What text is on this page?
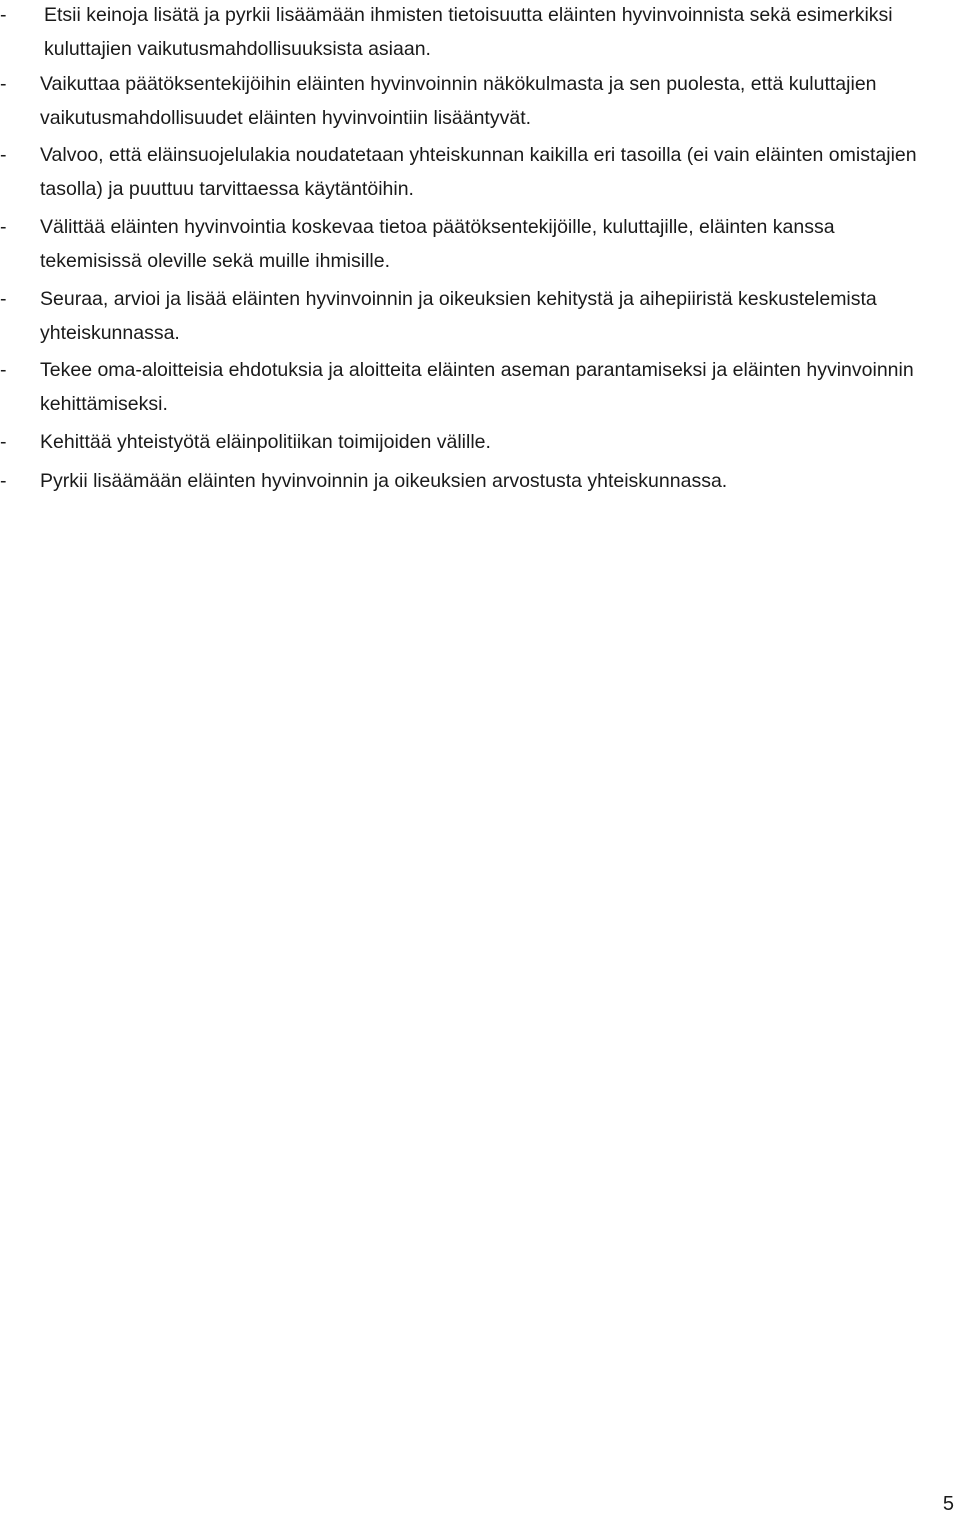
-	Etsii keinoja lisätä ja pyrkii lisäämään ihmisten tietoisuutta eläinten hyvinvoinnista sekä esimerkiksi kuluttajien vaikutusmahdollisuuksista asiaan.
-	Vaikuttaa päätöksentekijöihin eläinten hyvinvoinnin näkökulmasta ja sen puolesta, että kuluttajien vaikutusmahdollisuudet eläinten hyvinvointiin lisääntyvät.
-	Valvoo, että eläinsuojelulakia noudatetaan yhteiskunnan kaikilla eri tasoilla (ei vain eläinten omistajien tasolla) ja puuttuu tarvittaessa käytäntöihin.
-	Välittää eläinten hyvinvointia koskevaa tietoa päätöksentekijöille, kuluttajille, eläinten kanssa tekemisissä oleville sekä muille ihmisille.
-	Seuraa, arvioi ja lisää eläinten hyvinvoinnin ja oikeuksien kehitystä ja aihepiiristä keskustelemista yhteiskunnassa.
-	Tekee oma-aloitteisia ehdotuksia ja aloitteita eläinten aseman parantamiseksi ja eläinten hyvinvoinnin kehittämiseksi.
-	Kehittää yhteistyötä eläinpolitiikan toimijoiden välille.
-	Pyrkii lisäämään eläinten hyvinvoinnin ja oikeuksien arvostusta yhteiskunnassa.
5
